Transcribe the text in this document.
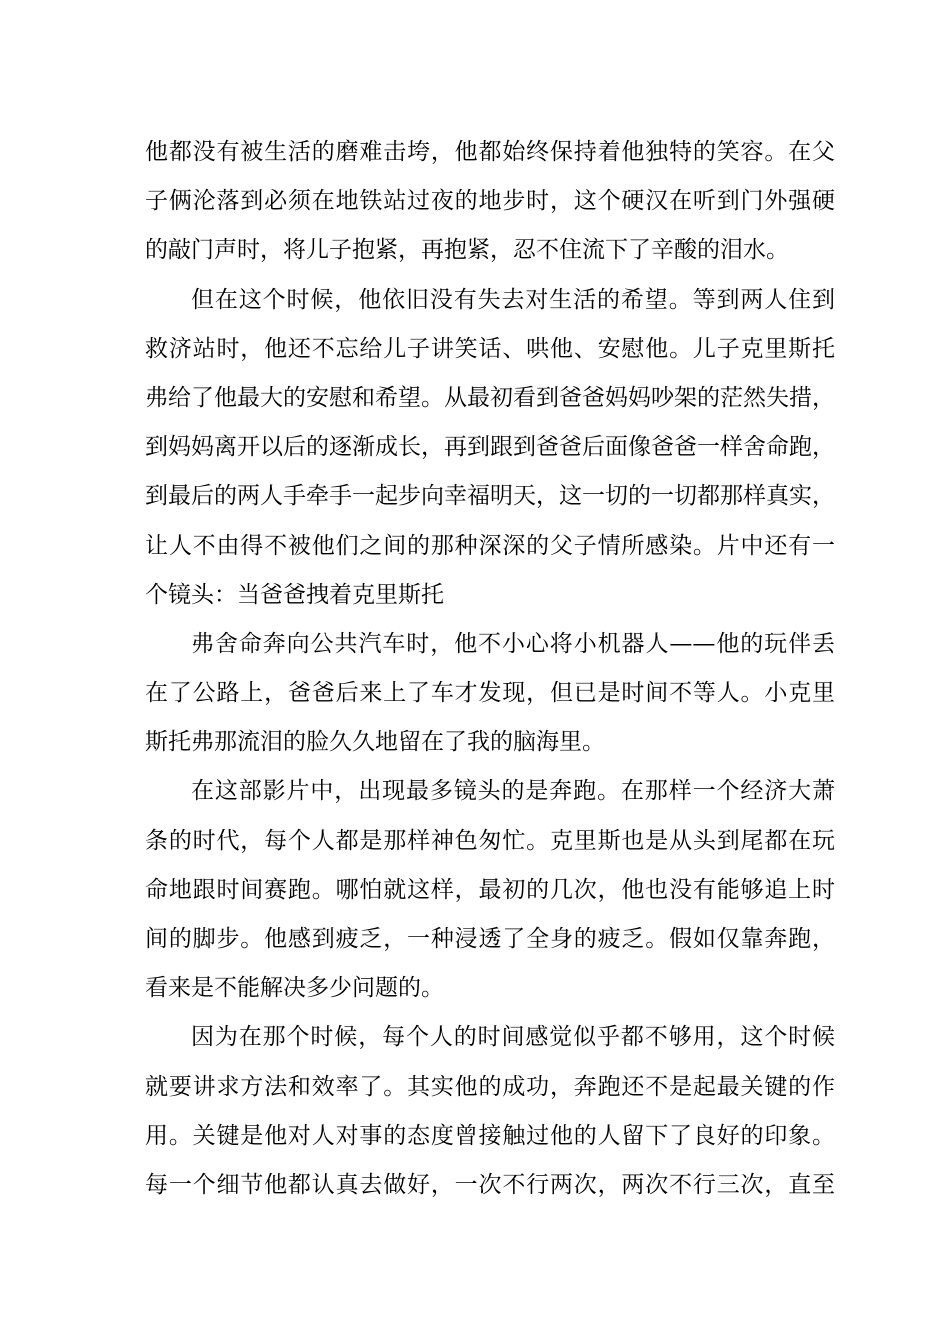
他都没有被生活的磨难击垮，他都始终保持着他独特的笑容。在父
子俩沦落到必须在地铁站过夜的地步时，这个硬汉在听到门外强硬
的敲门声时，将儿子抱紧，再抱紧，忍不住流下了辛酸的泪水。
但在这个时候，他依旧没有失去对生活的希望。等到两人住到
救济站时，他还不忘给儿子讲笑话、哄他、安慰他。儿子克里斯托
弗给了他最大的安慰和希望。从最初看到爸爸妈妈吵架的茫然失措，
到妈妈离开以后的逐渐成长，再到跟到爸爸后面像爸爸一样舍命跑，
到最后的两人手牵手一起步向幸福明天，这一切的一切都那样真实，
让人不由得不被他们之间的那种深深的父子情所感染。片中还有一
个镜头：当爸爸拽着克里斯托
弗舍命奔向公共汽车时，他不小心将小机器人——他的玩伴丢
在了公路上，爸爸后来上了车才发现，但已是时间不等人。小克里
斯托弗那流泪的脸久久地留在了我的脑海里。
在这部影片中，出现最多镜头的是奔跑。在那样一个经济大萧
条的时代，每个人都是那样神色匆忙。克里斯也是从头到尾都在玩
命地跟时间赛跑。哪怕就这样，最初的几次，他也没有能够追上时
间的脚步。他感到疲乏，一种浸透了全身的疲乏。假如仅靠奔跑，
看来是不能解决多少问题的。
因为在那个时候，每个人的时间感觉似乎都不够用，这个时候
就要讲求方法和效率了。其实他的成功，奔跑还不是起最关键的作
用。关键是他对人对事的态度曾接触过他的人留下了良好的印象。
每一个细节他都认真去做好，一次不行两次，两次不行三次，直至
